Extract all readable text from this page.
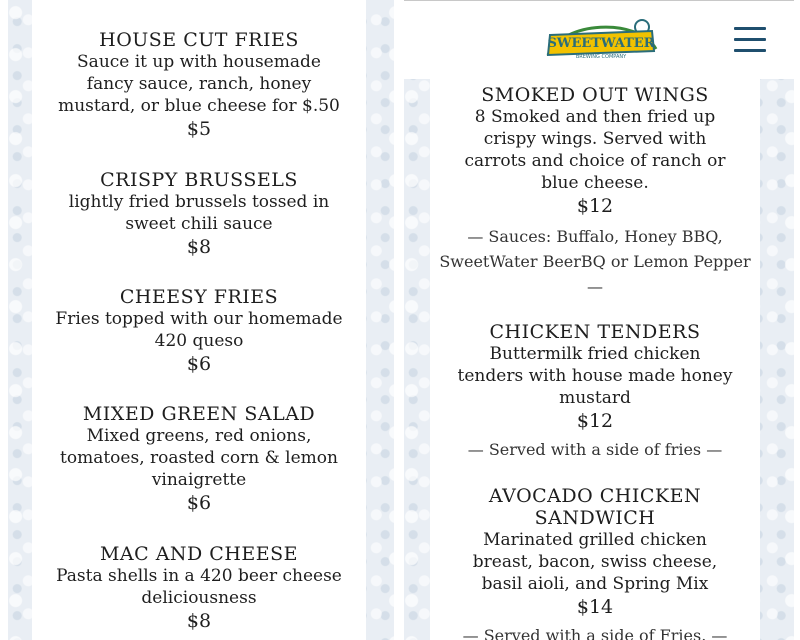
HOUSE CUT FRIES
Sauce it up with housemade
fancy sauce, ranch, honey
mustard, or blue cheese for $.50
$5
CRISPY BRUSSELS
lightly fried brussels tossed in
sweet chili sauce
$8
CHEESY FRIES
Fries topped with our homemade
420 queso
$6
MIXED GREEN SALAD
Mixed greens, red onions,
tomatoes, roasted corn & lemon
vinaigrette
$6
MAC AND CHEESE
Pasta shells in a 420 beer cheese
deliciousness
$8
SWEETWATER
BREWING COMPANY
SMOKED OUT WINGS
8 Smoked and then fried up
crispy wings. Served with
carrots and choice of ranch or
blue cheese.
$12
— Sauces: Buffalo, Honey BBQ,
SweetWater BeerBQ or Lemon Pepper
—
CHICKEN TENDERS
Buttermilk fried chicken
tenders with house made honey
mustard
$12
— Served with a side of fries —
AVOCADO CHICKEN SANDWICH
Marinated grilled chicken
breast, bacon, swiss cheese,
basil aioli, and Spring Mix
$14
— Served with a side of Fries. —
